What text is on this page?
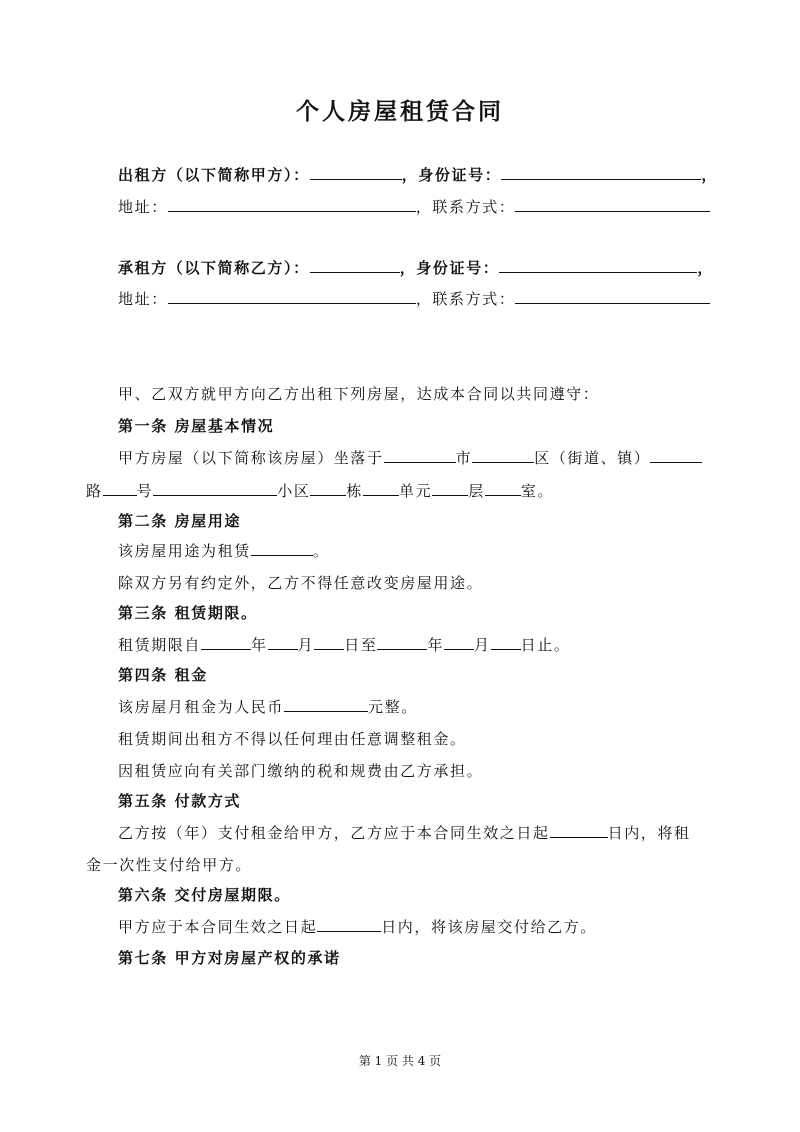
个人房屋租赁合同
出租方（以下简称甲方）：	，身份证号：	，
地址：	，联系方式：
承租方（以下简称乙方）：	，身份证号：	，
地址：	，联系方式：
甲、乙双方就甲方向乙方出租下列房屋，达成本合同以共同遵守：
第一条 房屋基本情况
甲方房屋（以下简称该房屋）坐落于	市	区（街道、镇）
路 号	小区 栋 单元 层 室。
第二条 房屋用途
该房屋用途为租赁	。
除双方另有约定外，乙方不得任意改变房屋用途。
第三条 租赁期限。
租赁期限自	年 月 日至	年 月 日止。
第四条 租金
该房屋月租金为人民币	元整。
租赁期间出租方不得以任何理由任意调整租金。
因租赁应向有关部门缴纳的税和规费由乙方承担。
第五条 付款方式
乙方按（年）支付租金给甲方，乙方应于本合同生效之日起	日内，将租
金一次性支付给甲方。
第六条 交付房屋期限。
甲方应于本合同生效之日起	日内，将该房屋交付给乙方。
第七条 甲方对房屋产权的承诺
第 1 页 共 4 页
